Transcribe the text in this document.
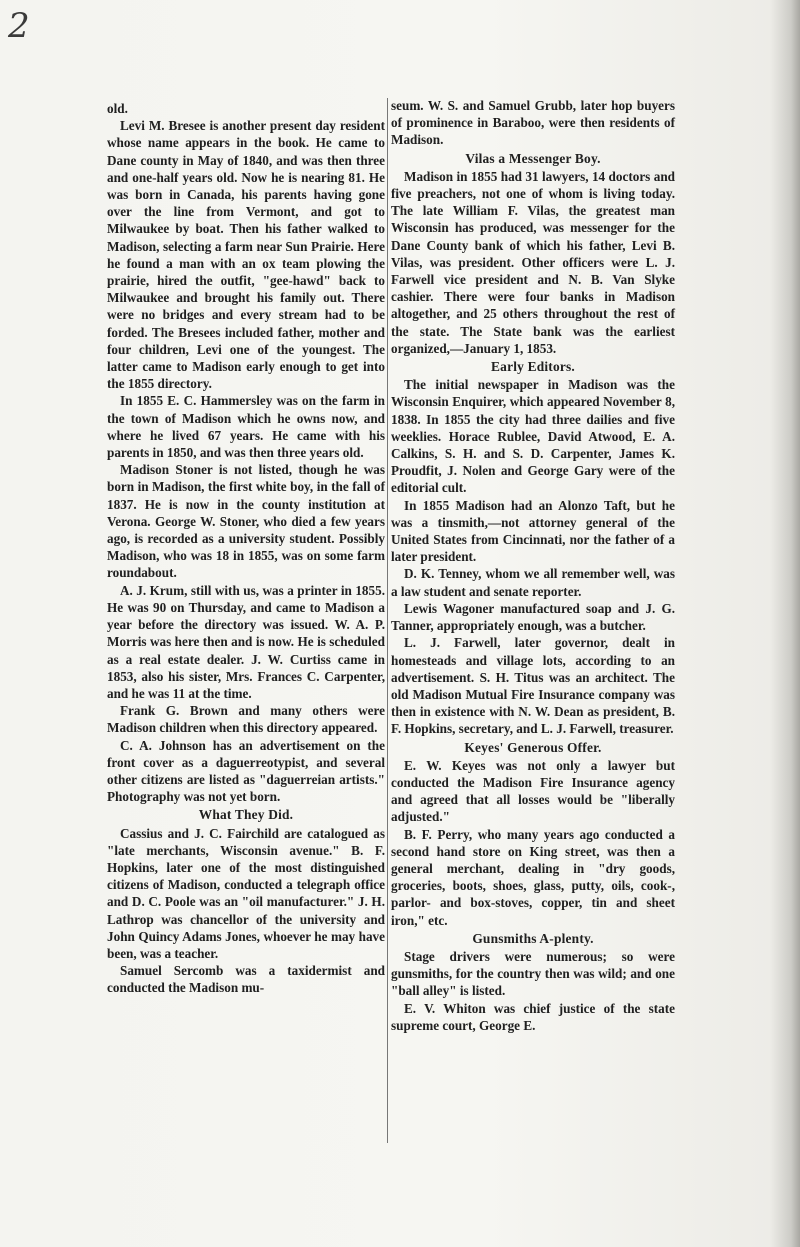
2

old.

Levi M. Bresee is another present day resident whose name appears in the book. He came to Dane county in May of 1840, and was then three and one-half years old. Now he is nearing 81. He was born in Canada, his parents having gone over the line from Vermont, and got to Milwaukee by boat. Then his father walked to Madison, selecting a farm near Sun Prairie. Here he found a man with an ox team plowing the prairie, hired the outfit, "gee-hawd" back to Milwaukee and brought his family out. There were no bridges and every stream had to be forded. The Bresees included father, mother and four children, Levi one of the youngest. The latter came to Madison early enough to get into the 1855 directory.

In 1855 E. C. Hammersley was on the farm in the town of Madison which he owns now, and where he lived 67 years. He came with his parents in 1850, and was then three years old.

Madison Stoner is not listed, though he was born in Madison, the first white boy, in the fall of 1837. He is now in the county institution at Verona. George W. Stoner, who died a few years ago, is recorded as a university student. Possibly Madison, who was 18 in 1855, was on some farm roundabout.

A. J. Krum, still with us, was a printer in 1855. He was 90 on Thursday, and came to Madison a year before the directory was issued. W. A. P. Morris was here then and is now. He is scheduled as a real estate dealer. J. W. Curtiss came in 1853, also his sister, Mrs. Frances C. Carpenter, and he was 11 at the time.

Frank G. Brown and many others were Madison children when this directory appeared.

C. A. Johnson has an advertisement on the front cover as a daguerreotypist, and several other citizens are listed as "daguerreian artists." Photography was not yet born.

What They Did.

Cassius and J. C. Fairchild are catalogued as "late merchants, Wisconsin avenue." B. F. Hopkins, later one of the most distinguished citizens of Madison, conducted a telegraph office and D. C. Poole was an "oil manufacturer." J. H. Lathrop was chancellor of the university and John Quincy Adams Jones, whoever he may have been, was a teacher.

Samuel Sercomb was a taxidermist and conducted the Madison mu-

seum. W. S. and Samuel Grubb, later hop buyers of prominence in Baraboo, were then residents of Madison.

Vilas a Messenger Boy.

Madison in 1855 had 31 lawyers, 14 doctors and five preachers, not one of whom is living today. The late William F. Vilas, the greatest man Wisconsin has produced, was messenger for the Dane County bank of which his father, Levi B. Vilas, was president. Other officers were L. J. Farwell vice president and N. B. Van Slyke cashier. There were four banks in Madison altogether, and 25 others throughout the rest of the state. The State bank was the earliest organized,—January 1, 1853.

Early Editors.

The initial newspaper in Madison was the Wisconsin Enquirer, which appeared November 8, 1838. In 1855 the city had three dailies and five weeklies. Horace Rublee, David Atwood, E. A. Calkins, S. H. and S. D. Carpenter, James K. Proudfit, J. Nolen and George Gary were of the editorial cult.

In 1855 Madison had an Alonzo Taft, but he was a tinsmith,—not attorney general of the United States from Cincinnati, nor the father of a later president.

D. K. Tenney, whom we all remember well, was a law student and senate reporter.

Lewis Wagoner manufactured soap and J. G. Tanner, appropriately enough, was a butcher.

L. J. Farwell, later governor, dealt in homesteads and village lots, according to an advertisement. S. H. Titus was an architect. The old Madison Mutual Fire Insurance company was then in existence with N. W. Dean as president, B. F. Hopkins, secretary, and L. J. Farwell, treasurer.

Keyes' Generous Offer.

E. W. Keyes was not only a lawyer but conducted the Madison Fire Insurance agency and agreed that all losses would be "liberally adjusted."

B. F. Perry, who many years ago conducted a second hand store on King street, was then a general merchant, dealing in "dry goods, groceries, boots, shoes, glass, putty, oils, cook-, parlor- and box-stoves, copper, tin and sheet iron," etc.

Gunsmiths A-plenty.

Stage drivers were numerous; so were gunsmiths, for the country then was wild; and one "ball alley" is listed.

E. V. Whiton was chief justice of the state supreme court, George E.
